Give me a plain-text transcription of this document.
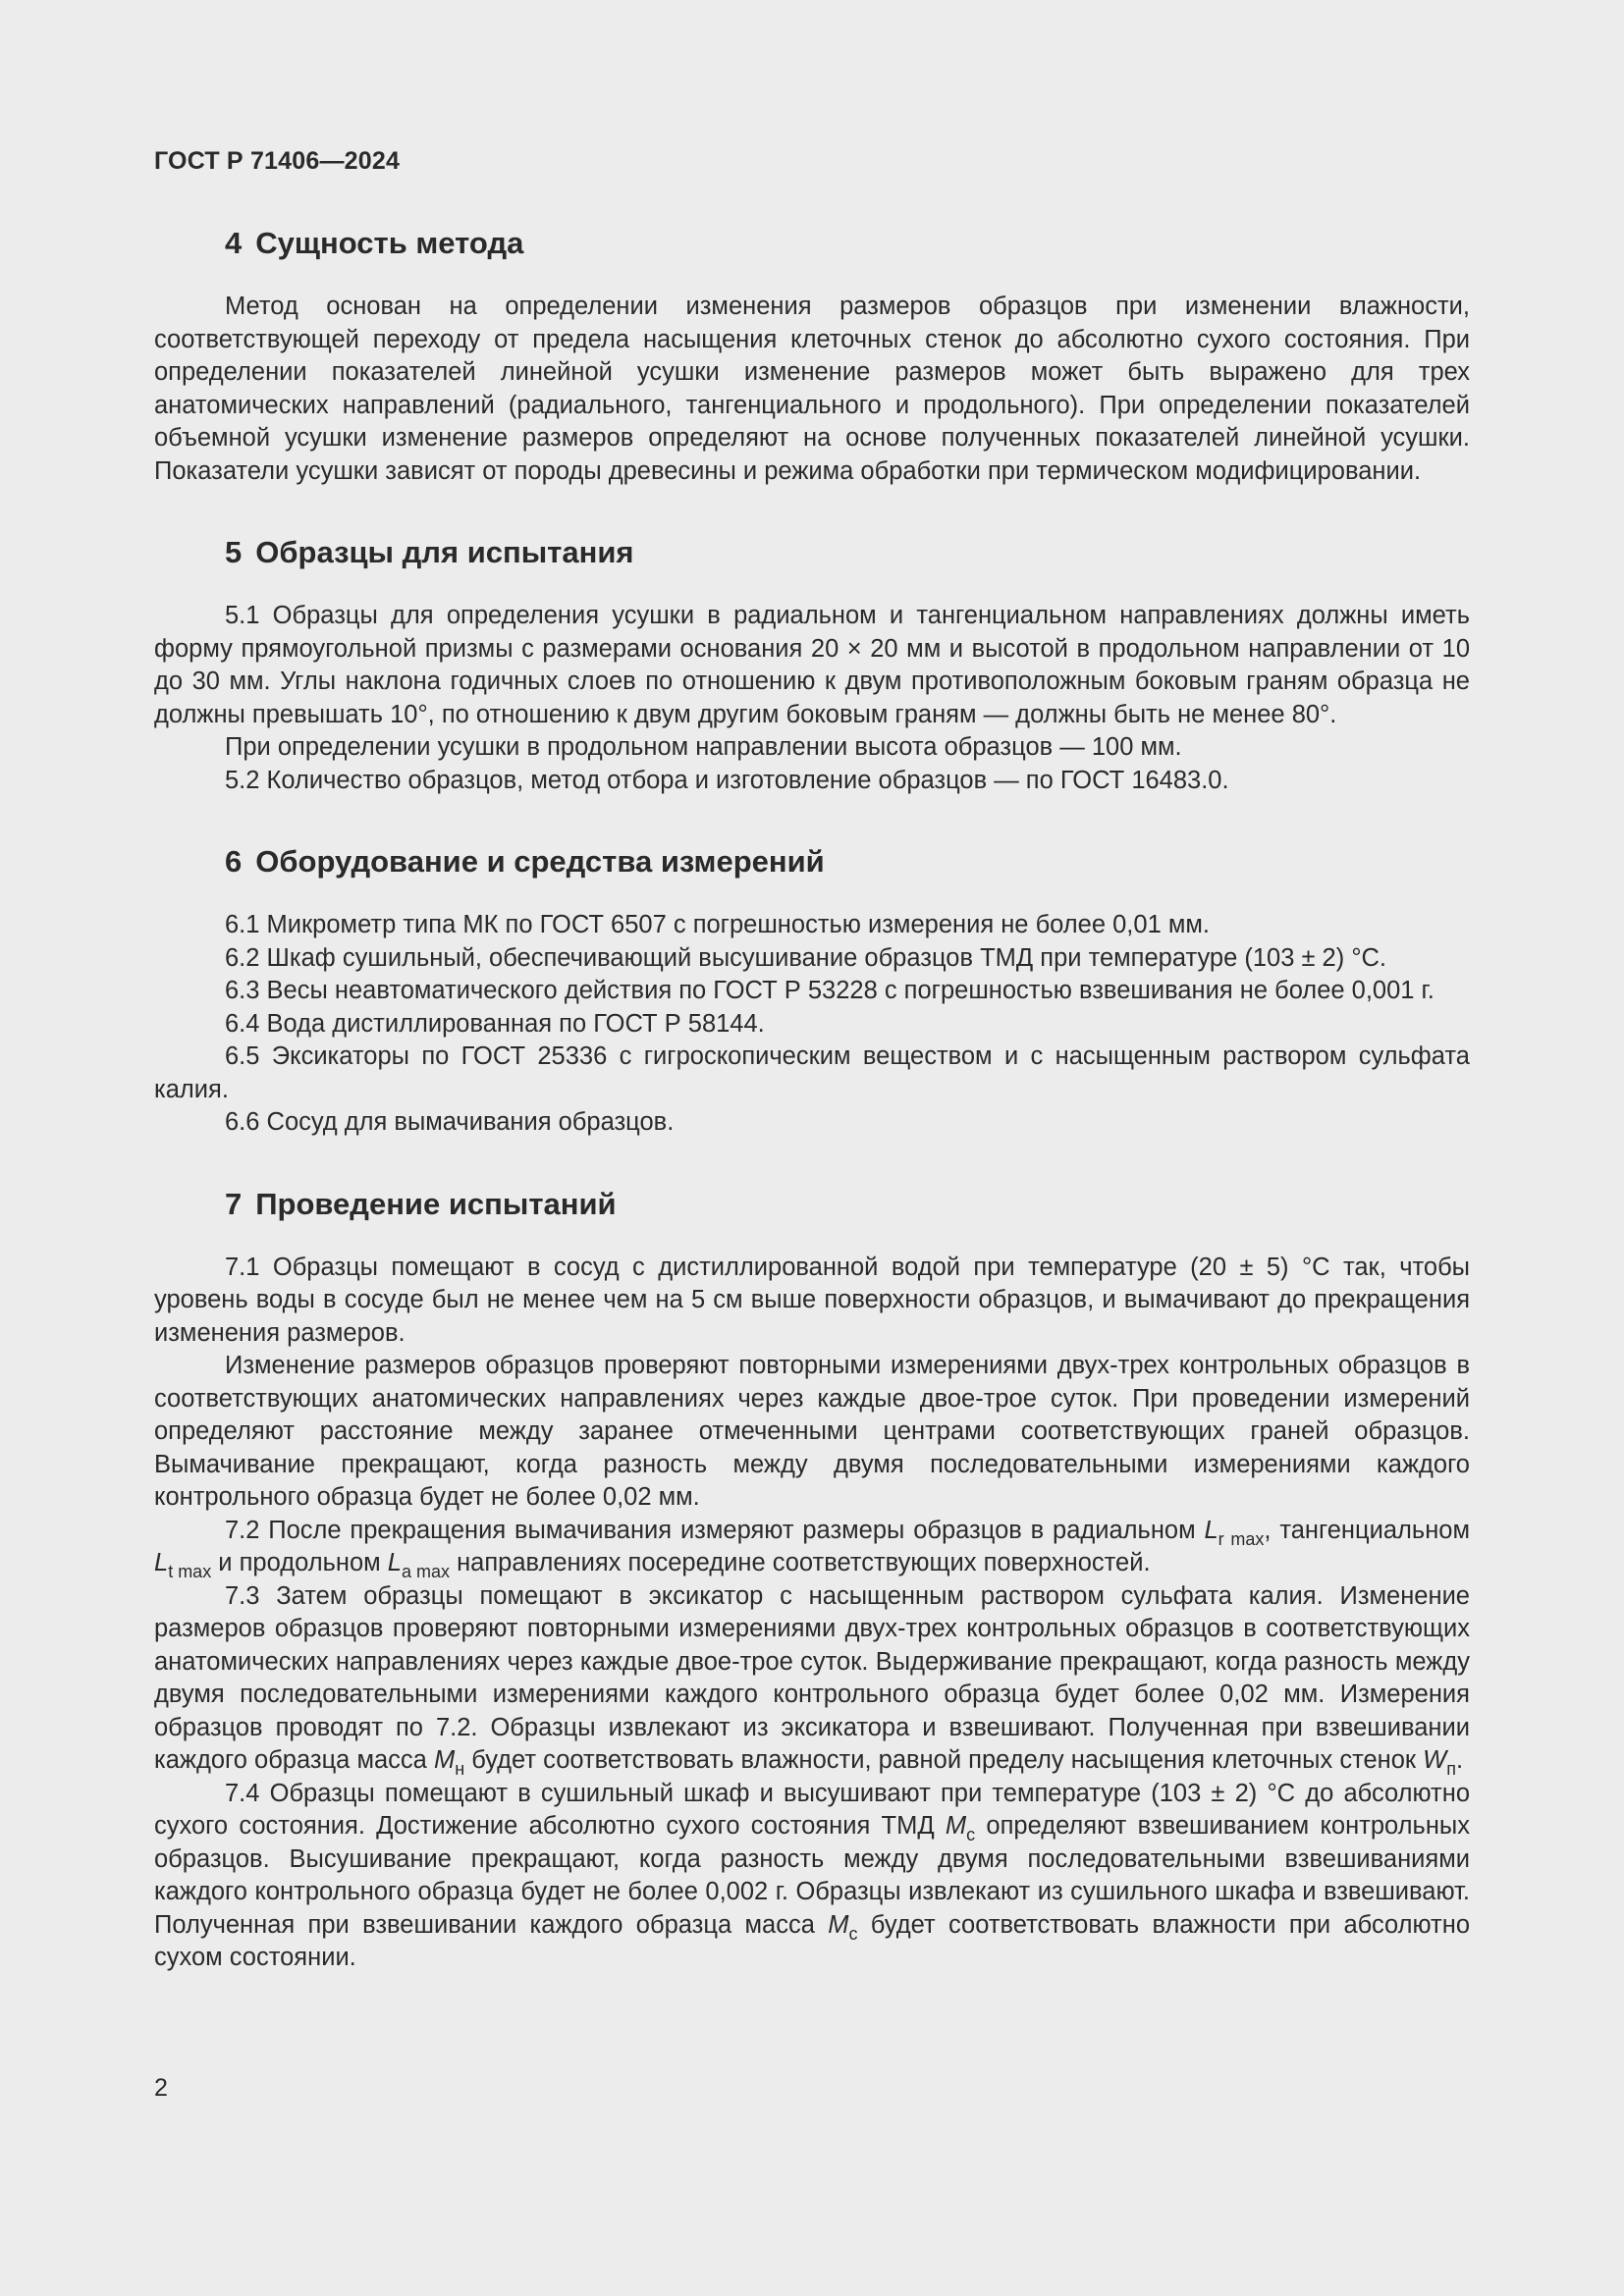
ГОСТ Р 71406—2024
4 Сущность метода

Метод основан на определении изменения размеров образцов при изменении влажности, соответствующей переходу от предела насыщения клеточных стенок до абсолютно сухого состояния. При определении показателей линейной усушки изменение размеров может быть выражено для трех анатомических направлений (радиального, тангенциального и продольного). При определении показателей объемной усушки изменение размеров определяют на основе полученных показателей линейной усушки. Показатели усушки зависят от породы древесины и режима обработки при термическом модифицировании.

5 Образцы для испытания

5.1 Образцы для определения усушки в радиальном и тангенциальном направлениях должны иметь форму прямоугольной призмы с размерами основания 20 × 20 мм и высотой в продольном направлении от 10 до 30 мм. Углы наклона годичных слоев по отношению к двум противоположным боковым граням образца не должны превышать 10°, по отношению к двум другим боковым граням — должны быть не менее 80°.

При определении усушки в продольном направлении высота образцов — 100 мм.

5.2 Количество образцов, метод отбора и изготовление образцов — по ГОСТ 16483.0.

6 Оборудование и средства измерений

6.1 Микрометр типа МК по ГОСТ 6507 с погрешностью измерения не более 0,01 мм.

6.2 Шкаф сушильный, обеспечивающий высушивание образцов ТМД при температуре (103 ± 2) °С.

6.3 Весы неавтоматического действия по ГОСТ Р 53228 с погрешностью взвешивания не более 0,001 г.

6.4 Вода дистиллированная по ГОСТ Р 58144.

6.5 Эксикаторы по ГОСТ 25336 с гигроскопическим веществом и с насыщенным раствором сульфата калия.

6.6 Сосуд для вымачивания образцов.

7 Проведение испытаний

7.1 Образцы помещают в сосуд с дистиллированной водой при температуре (20 ± 5) °С так, чтобы уровень воды в сосуде был не менее чем на 5 см выше поверхности образцов, и вымачивают до прекращения изменения размеров.

Изменение размеров образцов проверяют повторными измерениями двух-трех контрольных образцов в соответствующих анатомических направлениях через каждые двое-трое суток. При проведении измерений определяют расстояние между заранее отмеченными центрами соответствующих граней образцов. Вымачивание прекращают, когда разность между двумя последовательными измерениями каждого контрольного образца будет не более 0,02 мм.

7.2 После прекращения вымачивания измеряют размеры образцов в радиальном $L_{r max}$, тангенциальном $L_{t max}$ и продольном $L_{a max}$ направлениях посередине соответствующих поверхностей.

7.3 Затем образцы помещают в эксикатор с насыщенным раствором сульфата калия. Изменение размеров образцов проверяют повторными измерениями двух-трех контрольных образцов в соответствующих анатомических направлениях через каждые двое-трое суток. Выдерживание прекращают, когда разность между двумя последовательными измерениями каждого контрольного образца будет более 0,02 мм. Измерения образцов проводят по 7.2. Образцы извлекают из эксикатора и взвешивают. Полученная при взвешивании каждого образца масса $M_н$ будет соответствовать влажности, равной пределу насыщения клеточных стенок $W_п$.

7.4 Образцы помещают в сушильный шкаф и высушивают при температуре (103 ± 2) °С до абсолютно сухого состояния. Достижение абсолютно сухого состояния ТМД $M_c$ определяют взвешиванием контрольных образцов. Высушивание прекращают, когда разность между двумя последовательными взвешиваниями каждого контрольного образца будет не более 0,002 г. Образцы извлекают из сушильного шкафа и взвешивают. Полученная при взвешивании каждого образца масса $M_c$ будет соответствовать влажности при абсолютно сухом состоянии.

2
